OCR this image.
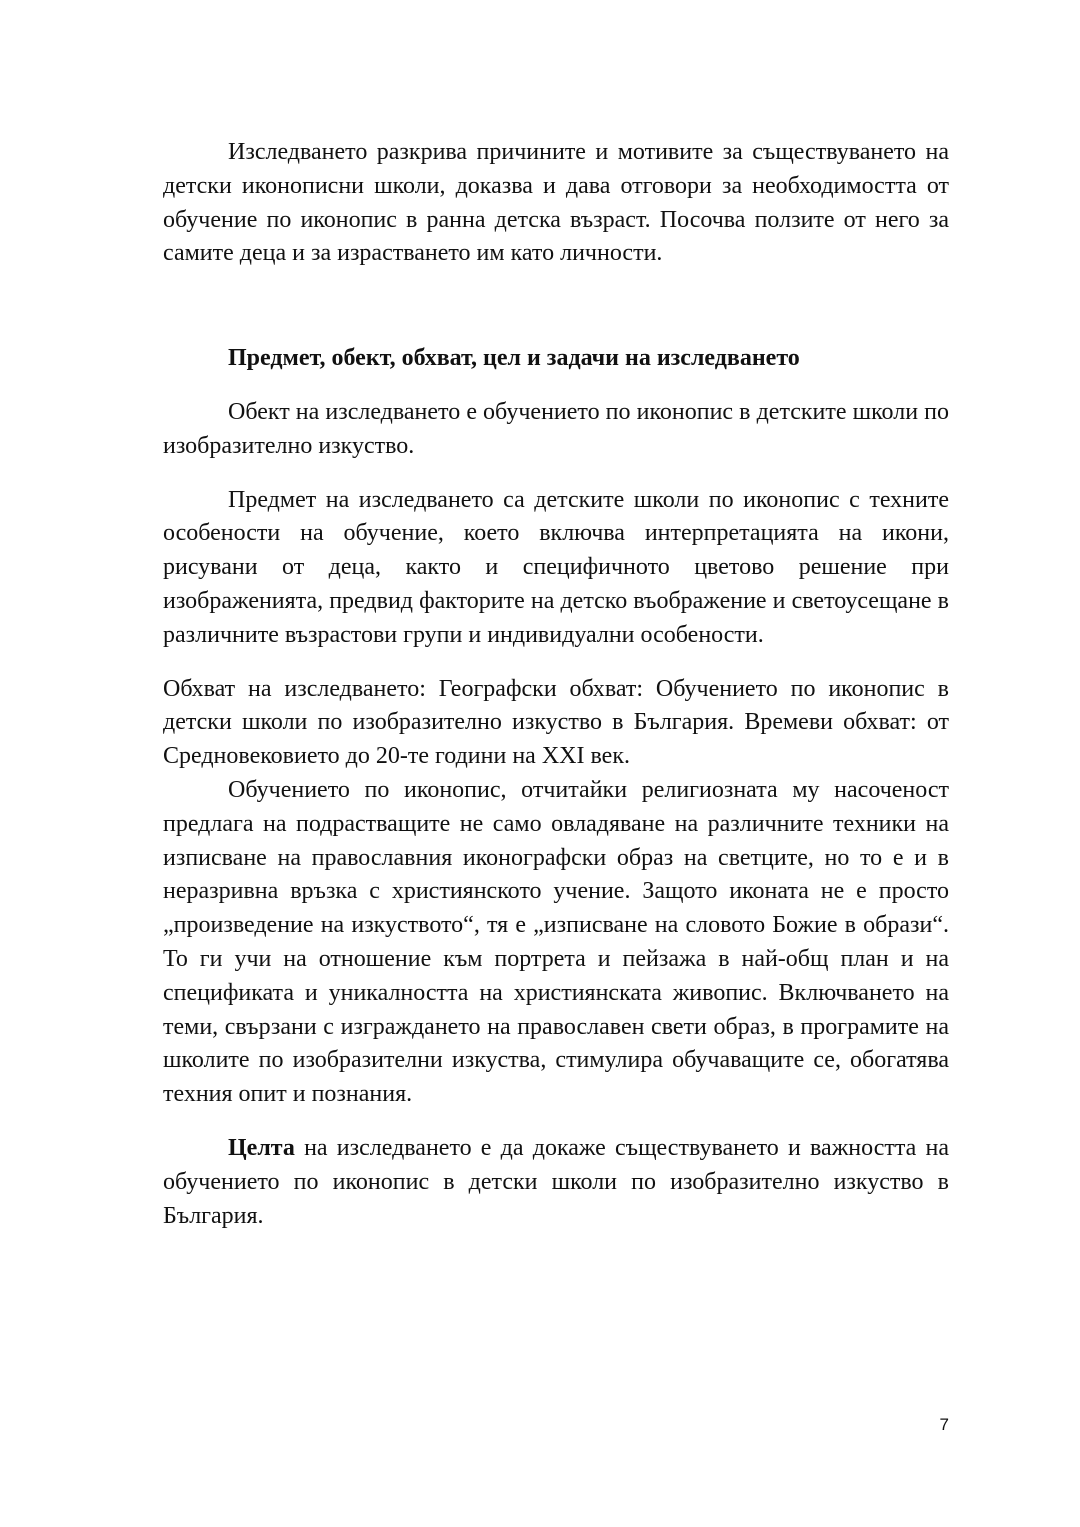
Изследването разкрива причините и мотивите за съществуването на детски иконописни школи, доказва и дава отговори за необходимостта от обучение по иконопис в ранна детска възраст. Посочва ползите от него за самите деца и за израстването им като личности.

Предмет, обект, обхват, цел и задачи на изследването

Обект на изследването е обучението по иконопис в детските школи по изобразително изкуство.

Предмет на изследването са детските школи по иконопис с техните особености на обучение, което включва интерпретацията на икони, рисувани от деца, както и специфичното цветово решение при изображенията, предвид факторите на детско въображение и светоусещане в различните възрастови групи и индивидуални особености.

Обхват на изследването: Географски обхват: Обучението по иконопис в детски школи по изобразително изкуство в България. Времеви обхват: от Средновековието до 20-те години на XXI век.

Обучението по иконопис, отчитайки религиозната му насоченост предлага на подрастващите не само овладяване на различните техники на изписване на православния иконографски образ на светците, но то е и в неразривна връзка с християнското учение. Защото иконата не е просто „произведение на изкуството“, тя е „изписване на словото Божие в образи“. То ги учи на отношение към портрета и пейзажа в най-общ план и на спецификата и уникалността на християнската живопис. Включването на теми, свързани с изграждането на православен свети образ, в програмите на школите по изобразителни изкуства, стимулира обучаващите се, обогатява техния опит и познания.

Целта на изследването е да докаже съществуването и важността на обучението по иконопис в детски школи по изобразително изкуство в България.

7
